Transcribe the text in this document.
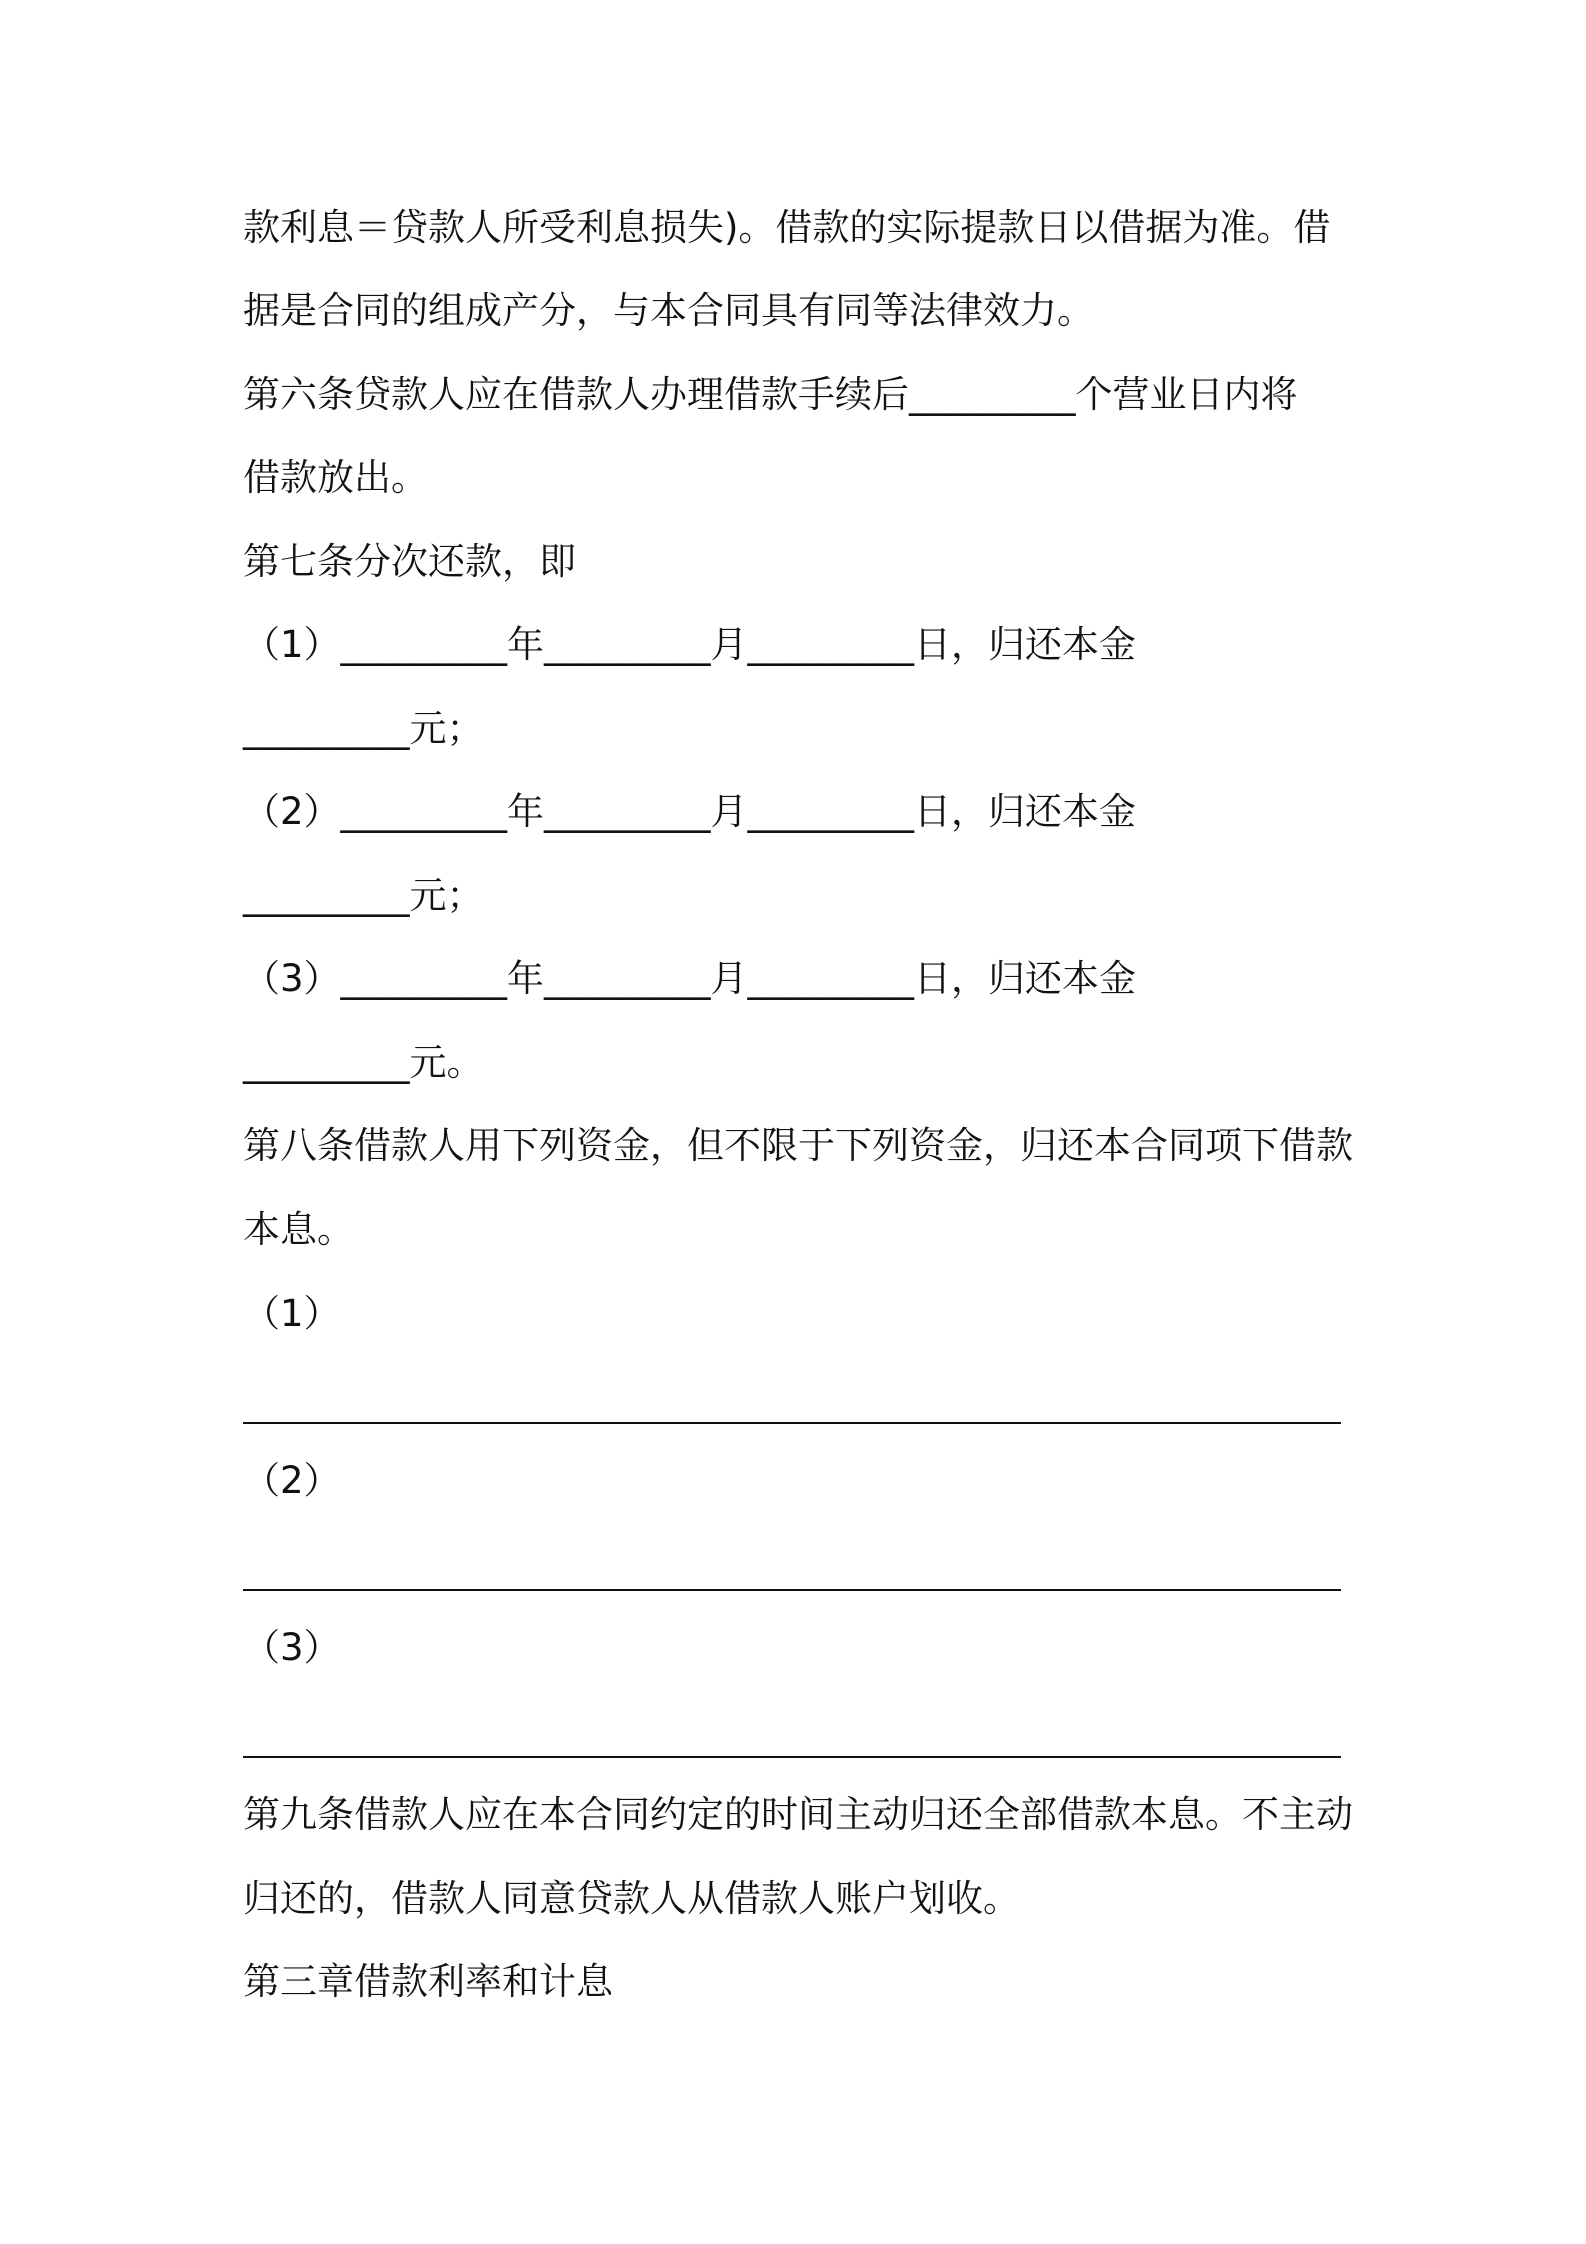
款利息＝贷款人所受利息损失)。借款的实际提款日以借据为准。借
据是合同的组成产分，与本合同具有同等法律效力。
第六条贷款人应在借款人办理借款手续后_________个营业日内将
借款放出。
第七条分次还款，即
（1）_________年_________月_________日，归还本金
_________元；
（2）_________年_________月_________日，归还本金
_________元；
（3）_________年_________月_________日，归还本金
_________元。
第八条借款人用下列资金，但不限于下列资金，归还本合同项下借款
本息。
（1）
（2）
（3）
第九条借款人应在本合同约定的时间主动归还全部借款本息。不主动
归还的，借款人同意贷款人从借款人账户划收。
第三章借款利率和计息
